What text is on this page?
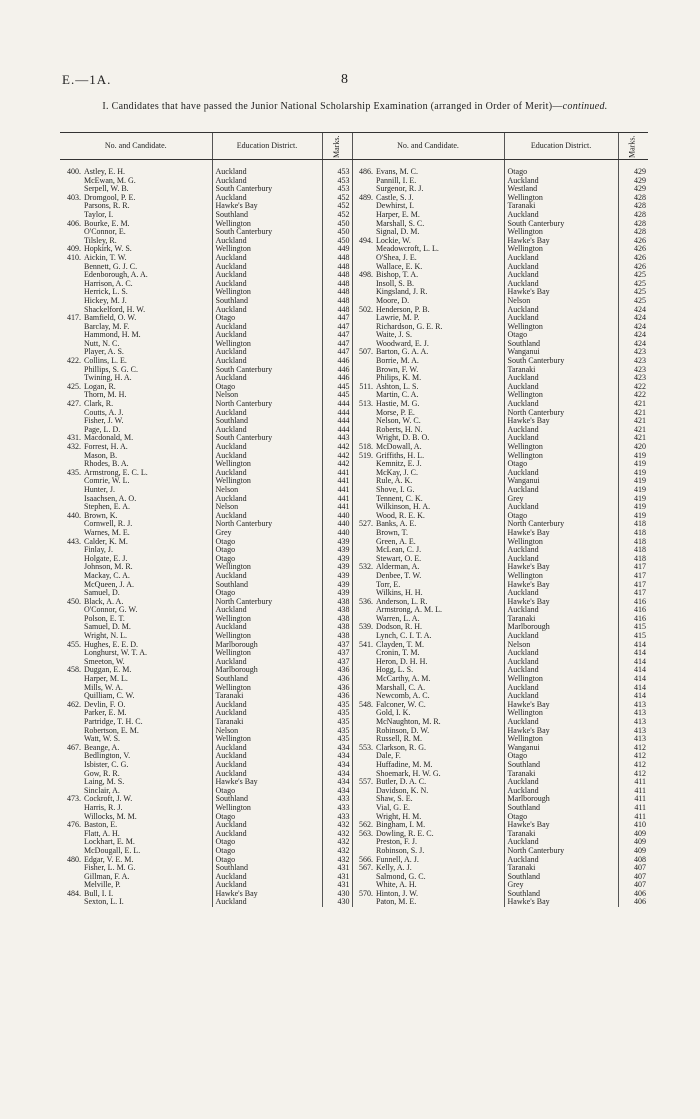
E.—1A.	8
I. Candidates that have passed the Junior National Scholarship Examination (arranged in Order of Merit)—continued.
No. and Candidate.		Education District.	Marks.	No. and Candidate.		Education District.	Marks.
400.	Astley, E. H.	Auckland	453	486.	Evans, M. C.	Otago	429
	McEwan, M. G.	Auckland	453		Pannill, I. E.	Auckland	429
	Serpell, W. B.	South Canterbury	453		Surgenor, R. J.	Westland	429
403.	Dromgool, P. E.	Auckland	452	489.	Castle, S. J.	Wellington	428
	Parsons, R. R.	Hawke's Bay	452		Dewhirst, I.	Taranaki	428
	Taylor, I.	Southland	452		Harper, E. M.	Auckland	428
406.	Bourke, E. M.	Wellington	450		Marshall, S. C.	South Canterbury	428
	O'Connor, E.	South Canterbury	450		Signal, D. M.	Wellington	428
	Tilsley, R.	Auckland	450	494.	Lockie, W.	Hawke's Bay	426
409.	Hopkirk, W. S.	Wellington	449		Meadowcroft, L. L.	Wellington	426
410.	Aickin, T. W.	Auckland	448		O'Shea, J. E.	Auckland	426
	Bennett, G. J. C.	Auckland	448		Wallace, E. K.	Auckland	426
	Edenborough, A. A.	Auckland	448	498.	Bishop, T. A.	Auckland	425
	Harrison, A. C.	Auckland	448		Insoll, S. B.	Auckland	425
	Herrick, L. S.	Wellington	448		Kingsland, J. R.	Hawke's Bay	425
	Hickey, M. J.	Southland	448		Moore, D.	Nelson	425
	Shackelford, H. W.	Auckland	448	502.	Henderson, P. B.	Auckland	424
417.	Bamfield, O. W.	Otago	447		Lawrie, M. P.	Auckland	424
	Barclay, M. F.	Auckland	447		Richardson, G. E. R.	Wellington	424
	Hammond, H. M.	Auckland	447		Waite, J. S.	Otago	424
	Nutt, N. C.	Wellington	447		Woodward, E. J.	Southland	424
	Player, A. S.	Auckland	447	507.	Barton, G. A. A.	Wanganui	423
422.	Collins, L. E.	Auckland	446		Borrie, M. A.	South Canterbury	423
	Phillips, S. G. C.	South Canterbury	446		Brown, F. W.	Taranaki	423
	Twining, H. A.	Auckland	446		Philips, K. M.	Auckland	423
425.	Logan, R.	Otago	445	511.	Ashton, L. S.	Auckland	422
	Thorn, M. H.	Nelson	445		Martin, C. A.	Wellington	422
427.	Clark, R.	North Canterbury	444	513.	Hastie, M. G.	Auckland	421
	Coutts, A. J.	Auckland	444		Morse, P. E.	North Canterbury	421
	Fisher, J. W.	Southland	444		Nelson, W. C.	Hawke's Bay	421
	Page, L. D.	Auckland	444		Roberts, H. N.	Auckland	421
431.	Macdonald, M.	South Canterbury	443		Wright, D. B. O.	Auckland	421
432.	Forrest, H. A.	Auckland	442	518.	McDowall, A.	Wellington	420
	Mason, B.	Auckland	442	519.	Griffiths, H. L.	Wellington	419
	Rhodes, B. A.	Wellington	442		Kemnitz, E. J.	Otago	419
435.	Armstrong, E. C. L.	Auckland	441		McKay, J. C.	Auckland	419
	Comrie, W. L.	Wellington	441		Rule, A. K.	Wanganui	419
	Hunter, J.	Nelson	441		Shove, I. G.	Auckland	419
	Isaachsen, A. O.	Auckland	441		Tennent, C. K.	Grey	419
	Stephen, E. A.	Nelson	441		Wilkinson, H. A.	Auckland	419
440.	Brown, K.	Auckland	440		Wood, R. E. K.	Otago	419
	Cornwell, R. J.	North Canterbury	440	527.	Banks, A. E.	North Canterbury	418
	Warnes, M. E.	Grey	440		Brown, T.	Hawke's Bay	418
443.	Calder, K. M.	Otago	439		Green, A. E.	Wellington	418
	Finlay, J.	Otago	439		McLean, C. J.	Auckland	418
	Holgate, E. J.	Otago	439		Stewart, O. E.	Auckland	418
	Johnson, M. R.	Wellington	439	532.	Alderman, A.	Hawke's Bay	417
	Mackay, C. A.	Auckland	439		Denbee, T. W.	Wellington	417
	McQueen, J. A.	Southland	439		Torr, E.	Hawke's Bay	417
	Samuel, D.	Otago	439		Wilkins, H. H.	Auckland	417
450.	Black, A. A.	North Canterbury	438	536.	Anderson, L. R.	Hawke's Bay	416
	O'Connor, G. W.	Auckland	438		Armstrong, A. M. L.	Auckland	416
	Polson, E. T.	Wellington	438		Warren, L. A.	Taranaki	416
	Samuel, D. M.	Auckland	438	539.	Dodson, R. H.	Marlborough	415
	Wright, N. L.	Wellington	438		Lynch, C. I. T. A.	Auckland	415
455.	Hughes, E. E. D.	Marlborough	437	541.	Clayden, T. M.	Nelson	414
	Longhurst, W. T. A.	Wellington	437		Cronin, T. M.	Auckland	414
	Smeeton, W.	Auckland	437		Heron, D. H. H.	Auckland	414
458.	Duggan, E. M.	Marlborough	436		Hogg, L. S.	Auckland	414
	Harper, M. L.	Southland	436		McCarthy, A. M.	Wellington	414
	Mills, W. A.	Wellington	436		Marshall, C. A.	Auckland	414
	Quilliam, C. W.	Taranaki	436		Newcomb, A. C.	Auckland	414
462.	Devlin, F. O.	Auckland	435	548.	Falconer, W. C.	Hawke's Bay	413
	Parker, E. M.	Auckland	435		Gold, I. K.	Wellington	413
	Partridge, T. H. C.	Taranaki	435		McNaughton, M. R.	Auckland	413
	Robertson, E. M.	Nelson	435		Robinson, D. W.	Hawke's Bay	413
	Watt, W. S.	Wellington	435		Russell, R. M.	Wellington	413
467.	Beange, A.	Auckland	434	553.	Clarkson, R. G.	Wanganui	412
	Bedlington, V.	Auckland	434		Dale, F.	Otago	412
	Isbister, C. G.	Auckland	434		Huffadine, M. M.	Southland	412
	Gow, R. R.	Auckland	434		Shoemark, H. W. G.	Taranaki	412
	Laing, M. S.	Hawke's Bay	434	557.	Butler, D. A. C.	Auckland	411
	Sinclair, A.	Otago	434		Davidson, K. N.	Auckland	411
473.	Cockroft, J. W.	Southland	433		Shaw, S. E.	Marlborough	411
	Harris, R. J.	Wellington	433		Vial, G. E.	Southland	411
	Willocks, M. M.	Otago	433		Wright, H. M.	Otago	411
476.	Baston, E.	Auckland	432	562.	Bingham, I. M.	Hawke's Bay	410
	Flatt, A. H.	Auckland	432	563.	Dowling, R. E. C.	Taranaki	409
	Lockhart, E. M.	Otago	432		Preston, F. J.	Auckland	409
	McDougall, E. L.	Otago	432		Robinson, S. J.	North Canterbury	409
480.	Edgar, V. E. M.	Otago	432	566.	Funnell, A. J.	Auckland	408
	Fisher, L. M. G.	Southland	431	567.	Kelly, A. J.	Taranaki	407
	Gillman, F. A.	Auckland	431		Salmond, G. C.	Southland	407
	Melville, P.	Auckland	431		White, A. H.	Grey	407
484.	Bull, I. I.	Hawke's Bay	430	570.	Hinton, J. W.	Southland	406
	Sexton, L. I.	Auckland	430		Paton, M. E.	Hawke's Bay	406
